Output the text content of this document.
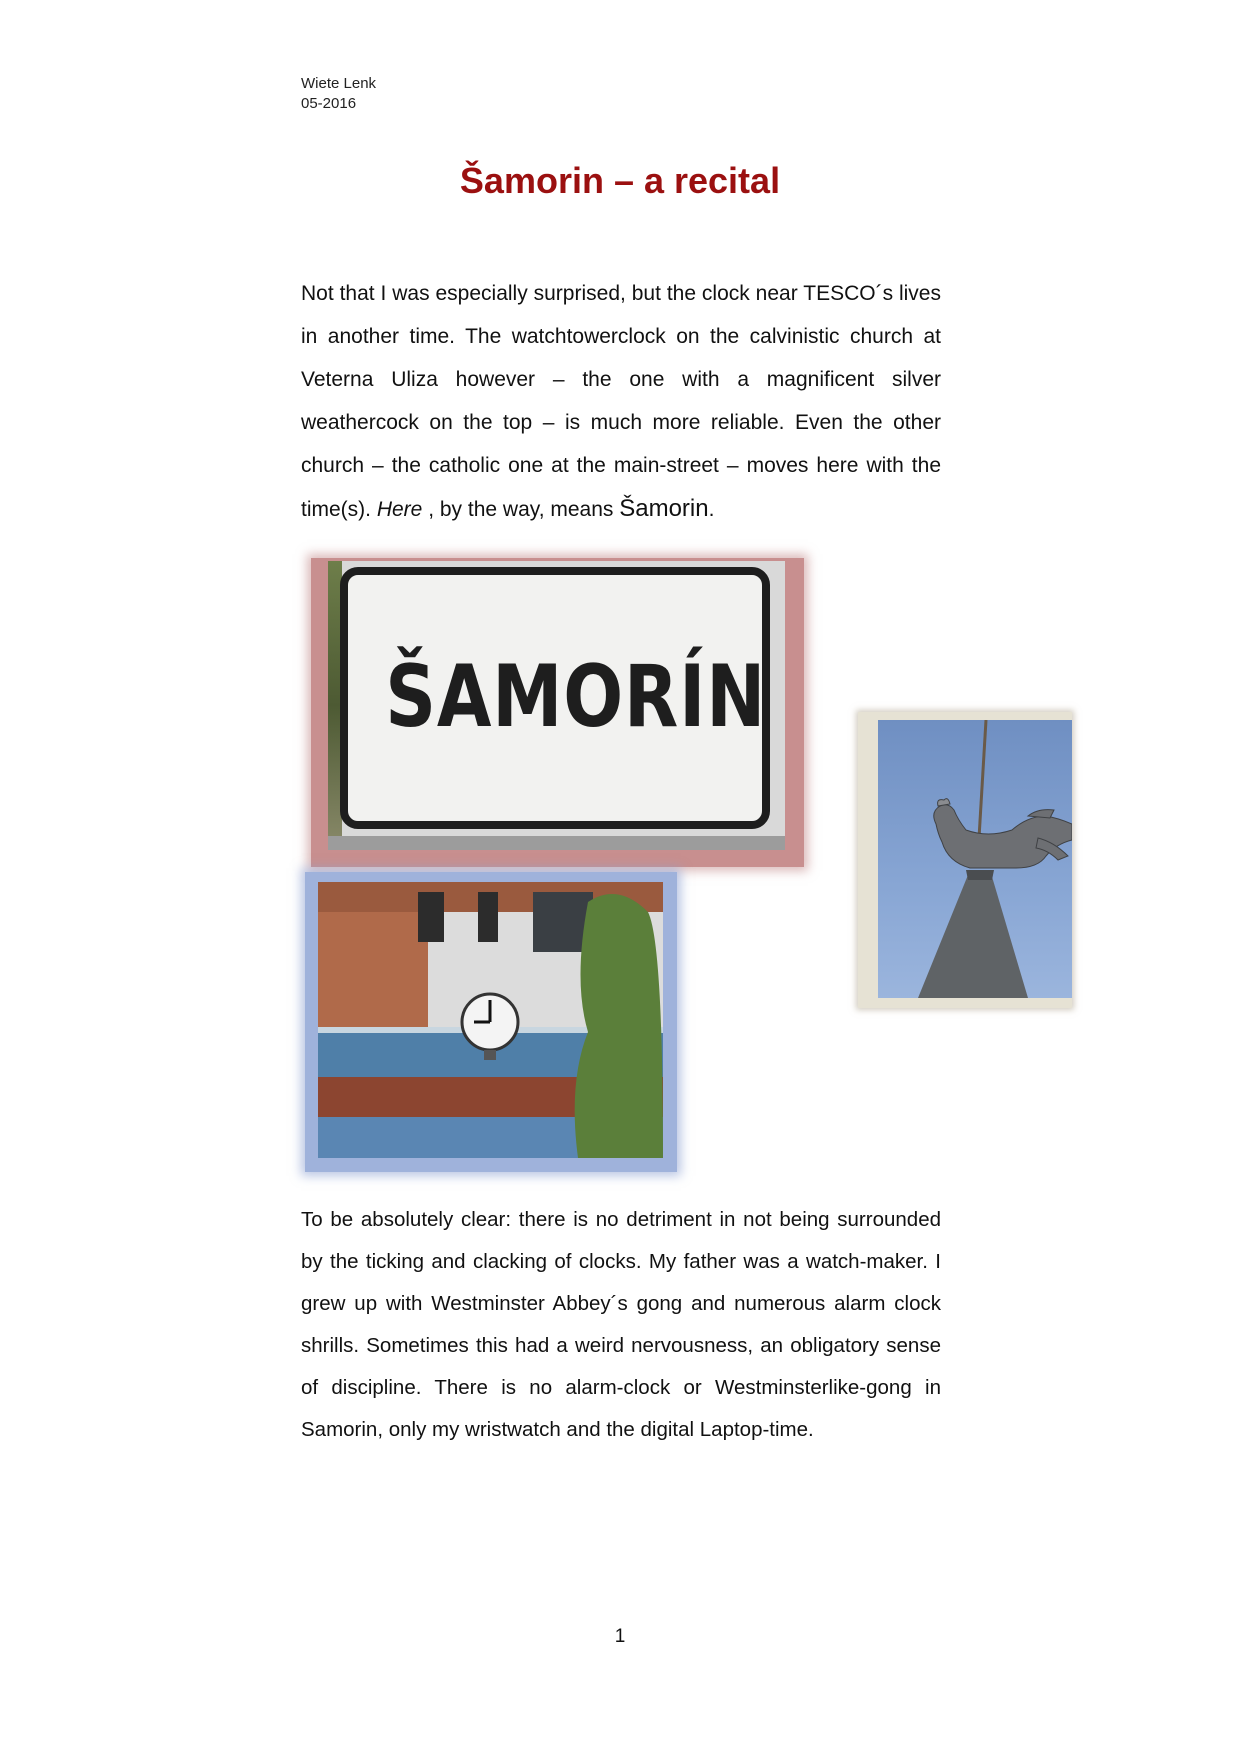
Wiete Lenk
05-2016
Šamorin – a recital
Not that I was especially surprised, but the clock near TESCO´s lives in another time. The watchtowerclock on the calvinistic church at Veterna Uliza however – the one with a magnificent silver weathercock on the top – is much more reliable. Even the other church – the catholic one at the main-street – moves here with the time(s). Here , by the way, means Šamorin.
ŠAMORÍN
To be absolutely clear: there is no detriment in not being surrounded by the ticking and clacking of clocks. My father was a watch-maker. I grew up with Westminster Abbey´s gong and numerous alarm clock shrills. Sometimes this had a weird nervousness, an obligatory sense of discipline. There is no alarm-clock or Westminsterlike-gong in Samorin, only my wristwatch and the digital Laptop-time.
1
